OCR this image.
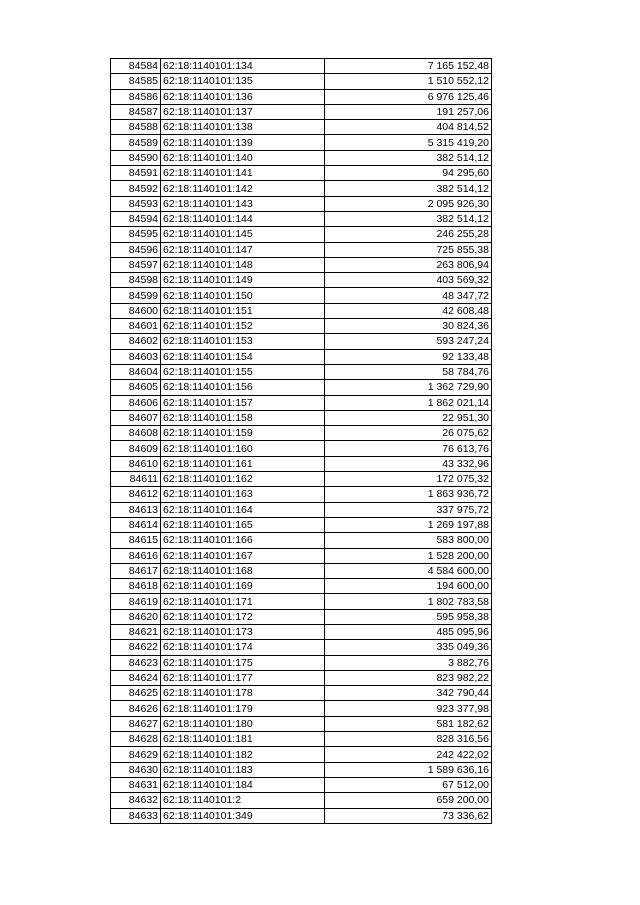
84584	62:18:1140101:134	7 165 152,48
84585	62:18:1140101:135	1 510 552,12
84586	62:18:1140101:136	6 976 125,46
84587	62:18:1140101:137	191 257,06
84588	62:18:1140101:138	404 814,52
84589	62:18:1140101:139	5 315 419,20
84590	62:18:1140101:140	382 514,12
84591	62:18:1140101:141	94 295,60
84592	62:18:1140101:142	382 514,12
84593	62:18:1140101:143	2 095 926,30
84594	62:18:1140101:144	382 514,12
84595	62:18:1140101:145	246 255,28
84596	62:18:1140101:147	725 855,38
84597	62:18:1140101:148	263 806,94
84598	62:18:1140101:149	403 569,32
84599	62:18:1140101:150	48 347,72
84600	62:18:1140101:151	42 608,48
84601	62:18:1140101:152	30 824,36
84602	62:18:1140101:153	593 247,24
84603	62:18:1140101:154	92 133,48
84604	62:18:1140101:155	58 784,76
84605	62:18:1140101:156	1 362 729,90
84606	62:18:1140101:157	1 862 021,14
84607	62:18:1140101:158	22 951,30
84608	62:18:1140101:159	26 075,62
84609	62:18:1140101:160	76 613,76
84610	62:18:1140101:161	43 332,96
84611	62:18:1140101:162	172 075,32
84612	62:18:1140101:163	1 863 936,72
84613	62:18:1140101:164	337 975,72
84614	62:18:1140101:165	1 269 197,88
84615	62:18:1140101:166	583 800,00
84616	62:18:1140101:167	1 528 200,00
84617	62:18:1140101:168	4 584 600,00
84618	62:18:1140101:169	194 600,00
84619	62:18:1140101:171	1 802 783,58
84620	62:18:1140101:172	595 958,38
84621	62:18:1140101:173	485 095,96
84622	62:18:1140101:174	335 049,36
84623	62:18:1140101:175	3 882,76
84624	62:18:1140101:177	823 982,22
84625	62:18:1140101:178	342 790,44
84626	62:18:1140101:179	923 377,98
84627	62:18:1140101:180	581 182,62
84628	62:18:1140101:181	828 316,56
84629	62:18:1140101:182	242 422,02
84630	62:18:1140101:183	1 589 636,16
84631	62:18:1140101:184	67 512,00
84632	62:18:1140101:2	659 200,00
84633	62:18:1140101:349	73 336,62
